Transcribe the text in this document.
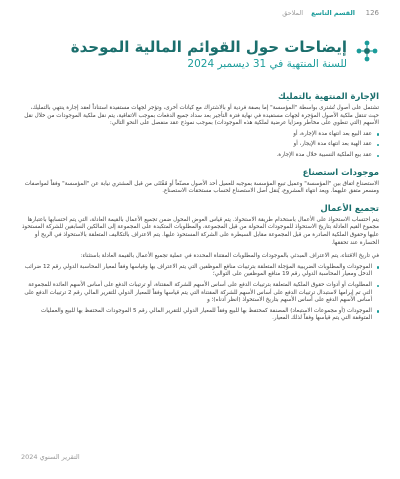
126
القسم التاسع
الملاحق
إيضاحات حول القوائم المالية الموحدة
للسنة المنتهية في 31 ديسمبر 2024
الإجارة المنتهية بالتمليك

تشتمل على أصول تُشترى بواسطة "المؤسسة" إما بصفة فردية أو بالاشتراك مع كيانات أخرى، وتؤجر لجهات مستفيدة استناداً لعقد إجارة ينتهي بالتمليك، حيث تنتقل ملكية الأصول المؤجرة لجهات مستفيدة في نهاية فترة التأجير بعد سداد جميع الدفعات بموجب الاتفاقية، يتم نقل ملكية الموجودات من خلال نقل الأسهم (التي تنطوي على مخاطر ومزايا عرضية لملكية هذه الموجودات) بموجب نموذج عقد منفصل على النحو التالي:

عقد البيع بعد انتهاء مدة الإجارة، أو
عقد الهبة بعد انتهاء مدة الإيجار، أو
عقد بيع الملكية النسبية خلال مدة الإجارة.
موجودات استصناع

الاستصناع اتفاق بين "المؤسسة" وعميل تبيع المؤسسة بموجبه للعميل أحد الأصول مصنّعاً أو مُقْتَنَى من قبل المشتري نيابة عن "المؤسسة" وفقاً لمواصفات ومسعر متفق عليهما. ويعد انتهاء المشروع، يُنقل أصل الاستصناع لحساب مستحقات الاستصناع.

تجميع الأعمال

يتم احتساب الاستحواذ على الأعمال باستخدام طريقة الاستحواذ. يتم قياس العوض المحول ضمن تجميع الأعمال بالقيمة العادلة، التي يتم احتسابها باعتبارها مجموع القيم العادلة بتاريخ الاستحواذ للموجودات المحولة من قبل المجموعة، والمطلوبات المتكبدة على المجموعة إلى المالكين السابقين للشركة المستحوذ عليها وحقوق الملكية الصادرة من قبل المجموعة مقابل السيطرة على الشركة المستحوذ عليها. يتم الاعتراف بالتكاليف المتعلقة بالاستحواذ في الربح أو الخسارة عند تحققها.

في تاريخ الاقتناء، يتم الاعتراف المبدئي بالموجودات والمطلوبات المقتناة المحددة في عملية تجميع الأعمال بالقيمة العادلة باستثناء:

الموجودات والمطلوبات الضريبية المؤجلة المتعلقة بترتيبات منافع الموظفين التي يتم الاعتراف بها وقياسها وفقاً لمعيار المحاسبة الدولي رقم 12 ضرائب الدخل ومعيار المحاسبة الدولي رقم 19 منافع الموظفين على التوالي؛
المطلوبات أو أدوات حقوق الملكية المتعلقة بترتيبات الدفع على أساس الأسهم للشركة المقتناة، أو ترتيبات الدفع على أساس الأسهم العائدة للمجموعة التي تم إبرامها لاستبدال ترتيبات الدفع على أساس الأسهم للشركة المقتناة التي يتم قياسها وفقاً للمعيار الدولي للتقرير المالي رقم 2 ترتيبات الدفع على أساس الأسهم الدفع على أساس الأسهم بتاريخ الاستحواذ (انظر أدناه)؛ و
الموجودات (أو مجموعات الاستبعاد) المصنفة كمحتفظ بها للبيع وفقاً للمعيار الدولي للتقرير المالي رقم 5 الموجودات المحتفظ بها للبيع والعمليات المتوقفة التي يتم قياسها وفقاً لذلك المعيار.
التقرير السنوي 2024
